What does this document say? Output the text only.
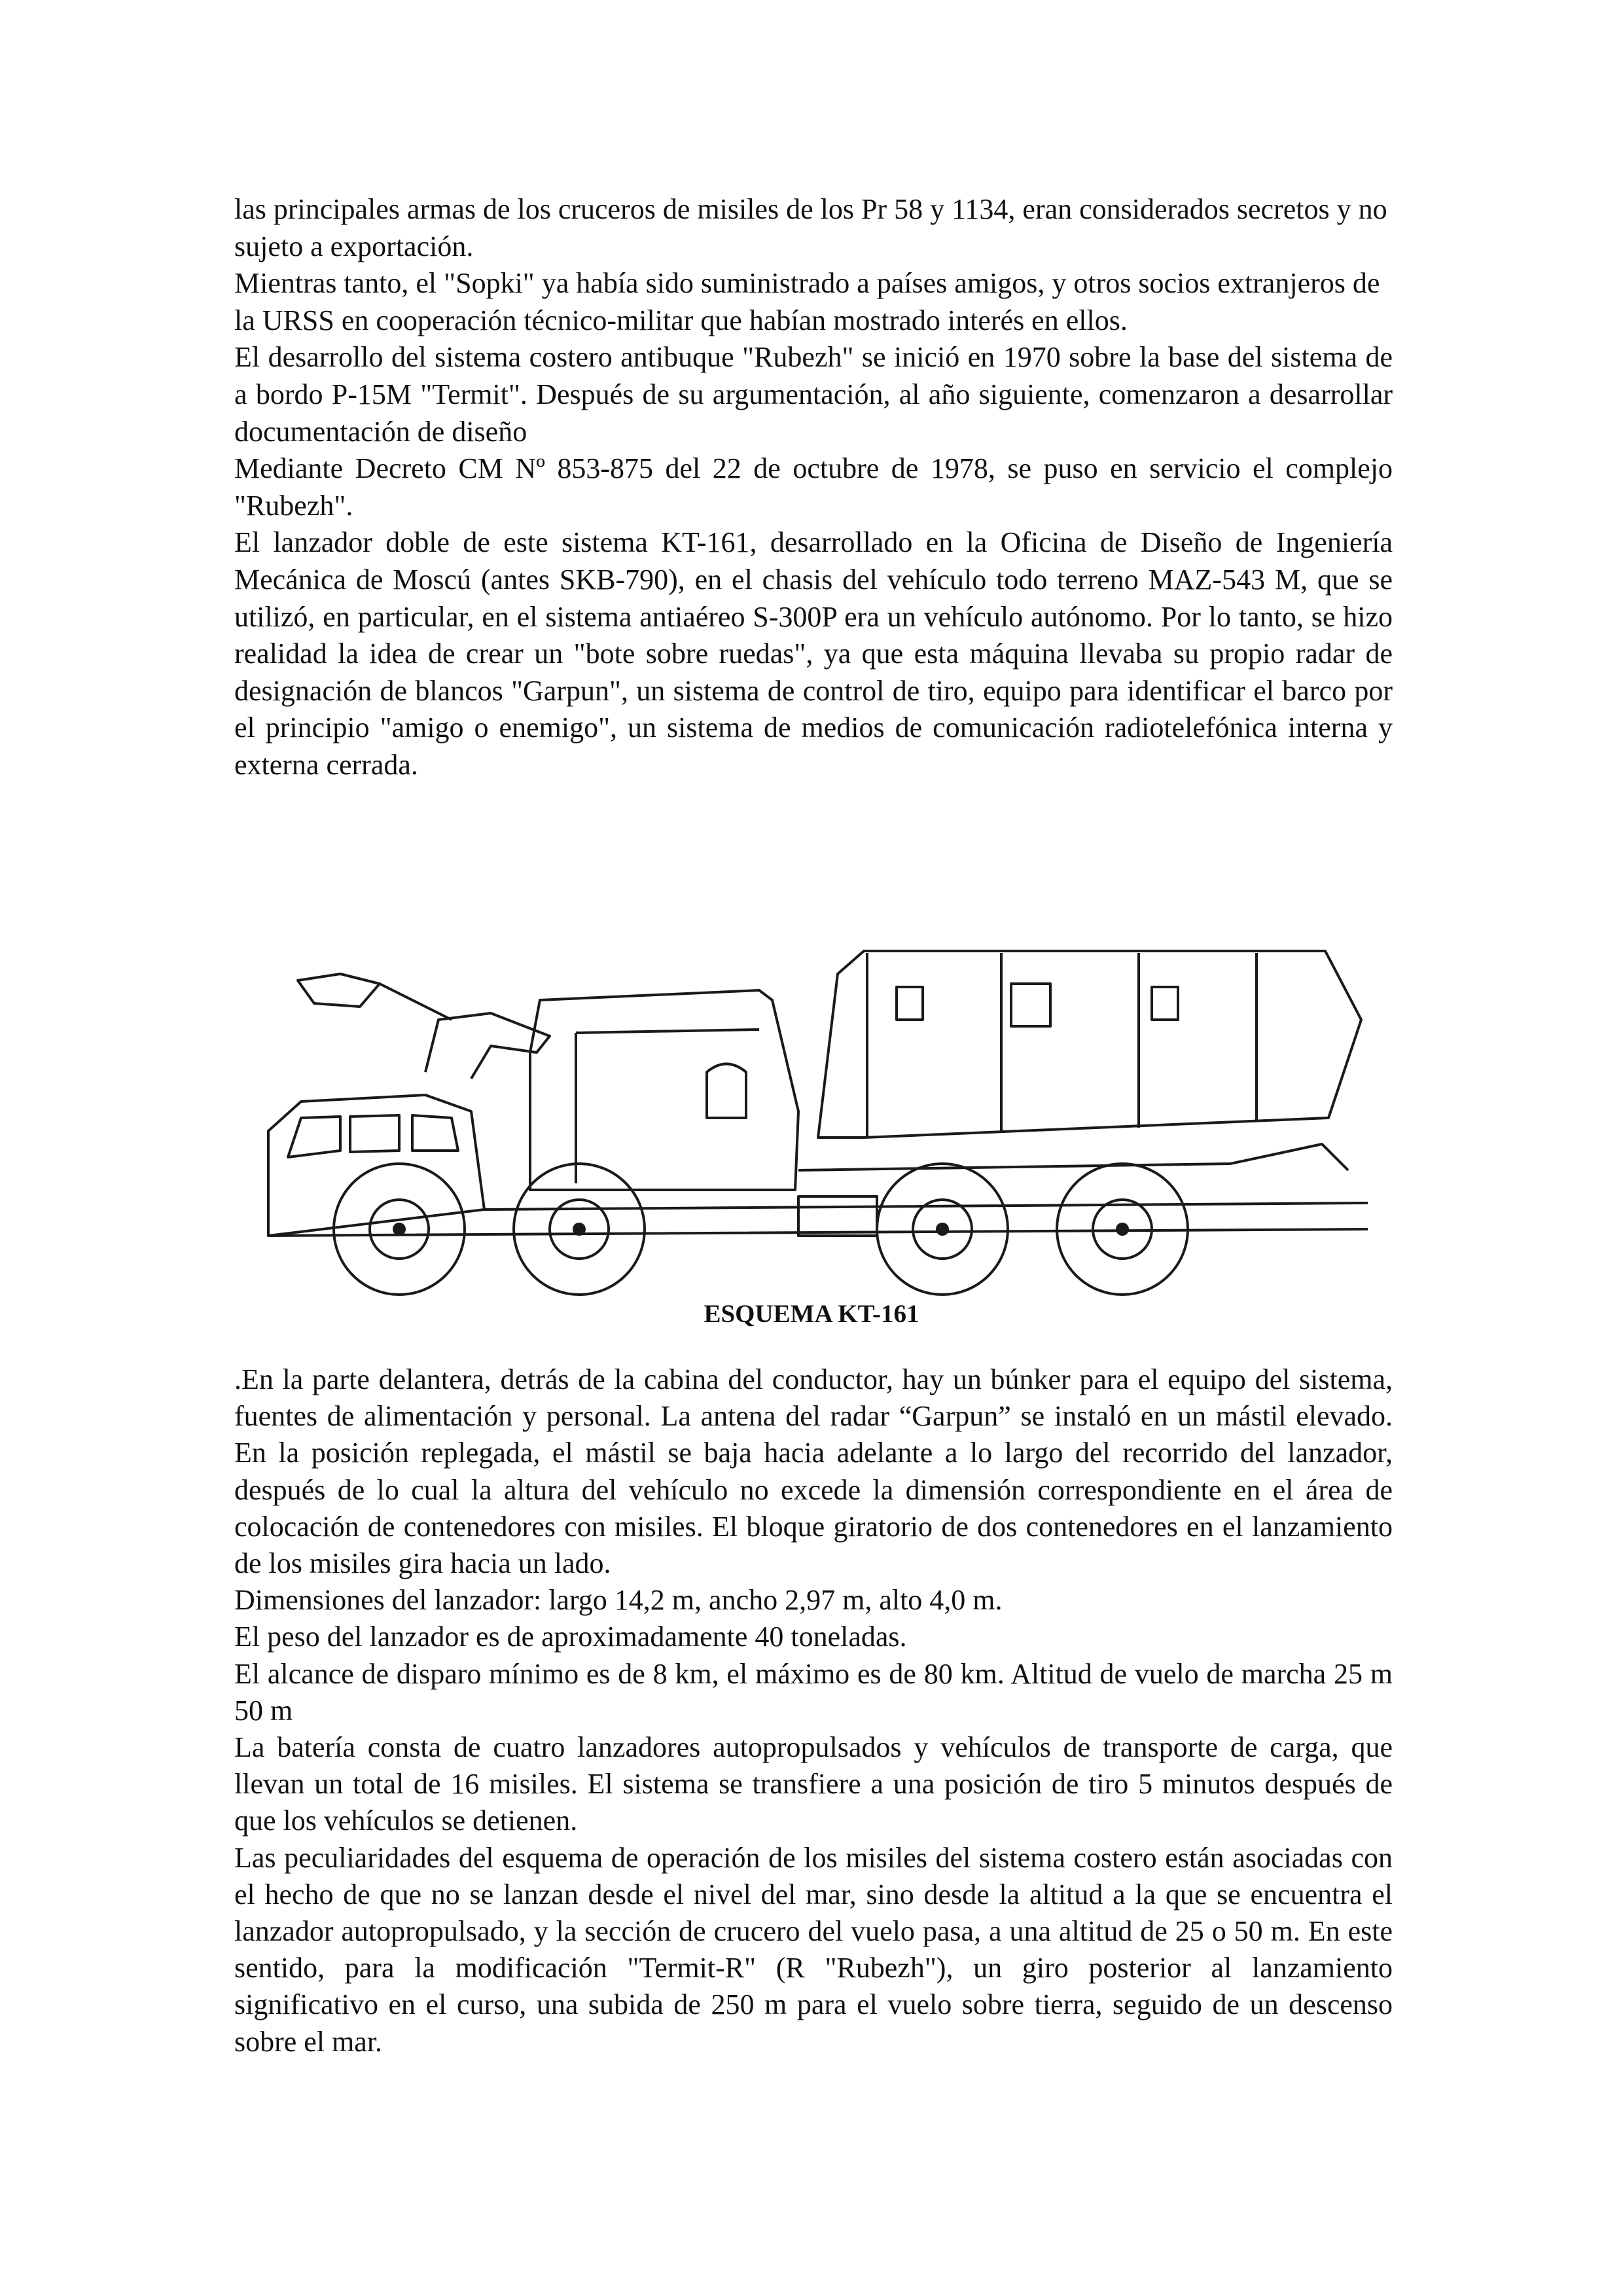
las principales armas de los cruceros de misiles de los Pr 58 y 1134, eran considerados secretos y no sujeto a exportación.

Mientras tanto, el "Sopki" ya había sido suministrado a países amigos, y otros socios extranjeros de la URSS en cooperación técnico-militar que habían mostrado interés en ellos.

El desarrollo del sistema costero antibuque "Rubezh" se inició en 1970 sobre la base del sistema de a bordo P-15M "Termit". Después de su argumentación, al año siguiente, comenzaron a desarrollar documentación de diseño

Mediante Decreto CM Nº 853-875 del 22 de octubre de 1978, se puso en servicio el complejo "Rubezh".

El lanzador doble de este sistema KT-161, desarrollado en la Oficina de Diseño de Ingeniería Mecánica de Moscú (antes SKB-790), en el chasis del vehículo todo terreno MAZ-543 M, que se utilizó, en particular, en el sistema antiaéreo S-300P era un vehículo autónomo. Por lo tanto, se hizo realidad la idea de crear un "bote sobre ruedas", ya que esta máquina llevaba su propio radar de designación de blancos "Garpun", un sistema de control de tiro, equipo para identificar el barco por el principio "amigo o enemigo", un sistema de medios de comunicación radiotelefónica interna y externa cerrada.

ESQUEMA KT-161

.En la parte delantera, detrás de la cabina del conductor, hay un búnker para el equipo del sistema, fuentes de alimentación y personal. La antena del radar “Garpun” se instaló en un mástil elevado. En la posición replegada, el mástil se baja hacia adelante a lo largo del recorrido del lanzador, después de lo cual la altura del vehículo no excede la dimensión correspondiente en el área de colocación de contenedores con misiles. El bloque giratorio de dos contenedores en el lanzamiento de los misiles gira hacia un lado.

Dimensiones del lanzador: largo 14,2 m, ancho 2,97 m, alto 4,0 m.

El peso del lanzador es de aproximadamente 40 toneladas.

El alcance de disparo mínimo es de 8 km, el máximo es de 80 km. Altitud de vuelo de marcha 25 m 50 m

La batería consta de cuatro lanzadores autopropulsados y vehículos de transporte de carga, que llevan un total de 16 misiles. El sistema se transfiere a una posición de tiro 5 minutos después de que los vehículos se detienen.

Las peculiaridades del esquema de operación de los misiles del sistema costero están asociadas con el hecho de que no se lanzan desde el nivel del mar, sino desde la altitud a la que se encuentra el lanzador autopropulsado, y la sección de crucero del vuelo pasa, a una altitud de 25 o 50 m. En este sentido, para la modificación "Termit-R" (R "Rubezh"), un giro posterior al lanzamiento significativo en el curso, una subida de 250 m para el vuelo sobre tierra, seguido de un descenso sobre el mar.
